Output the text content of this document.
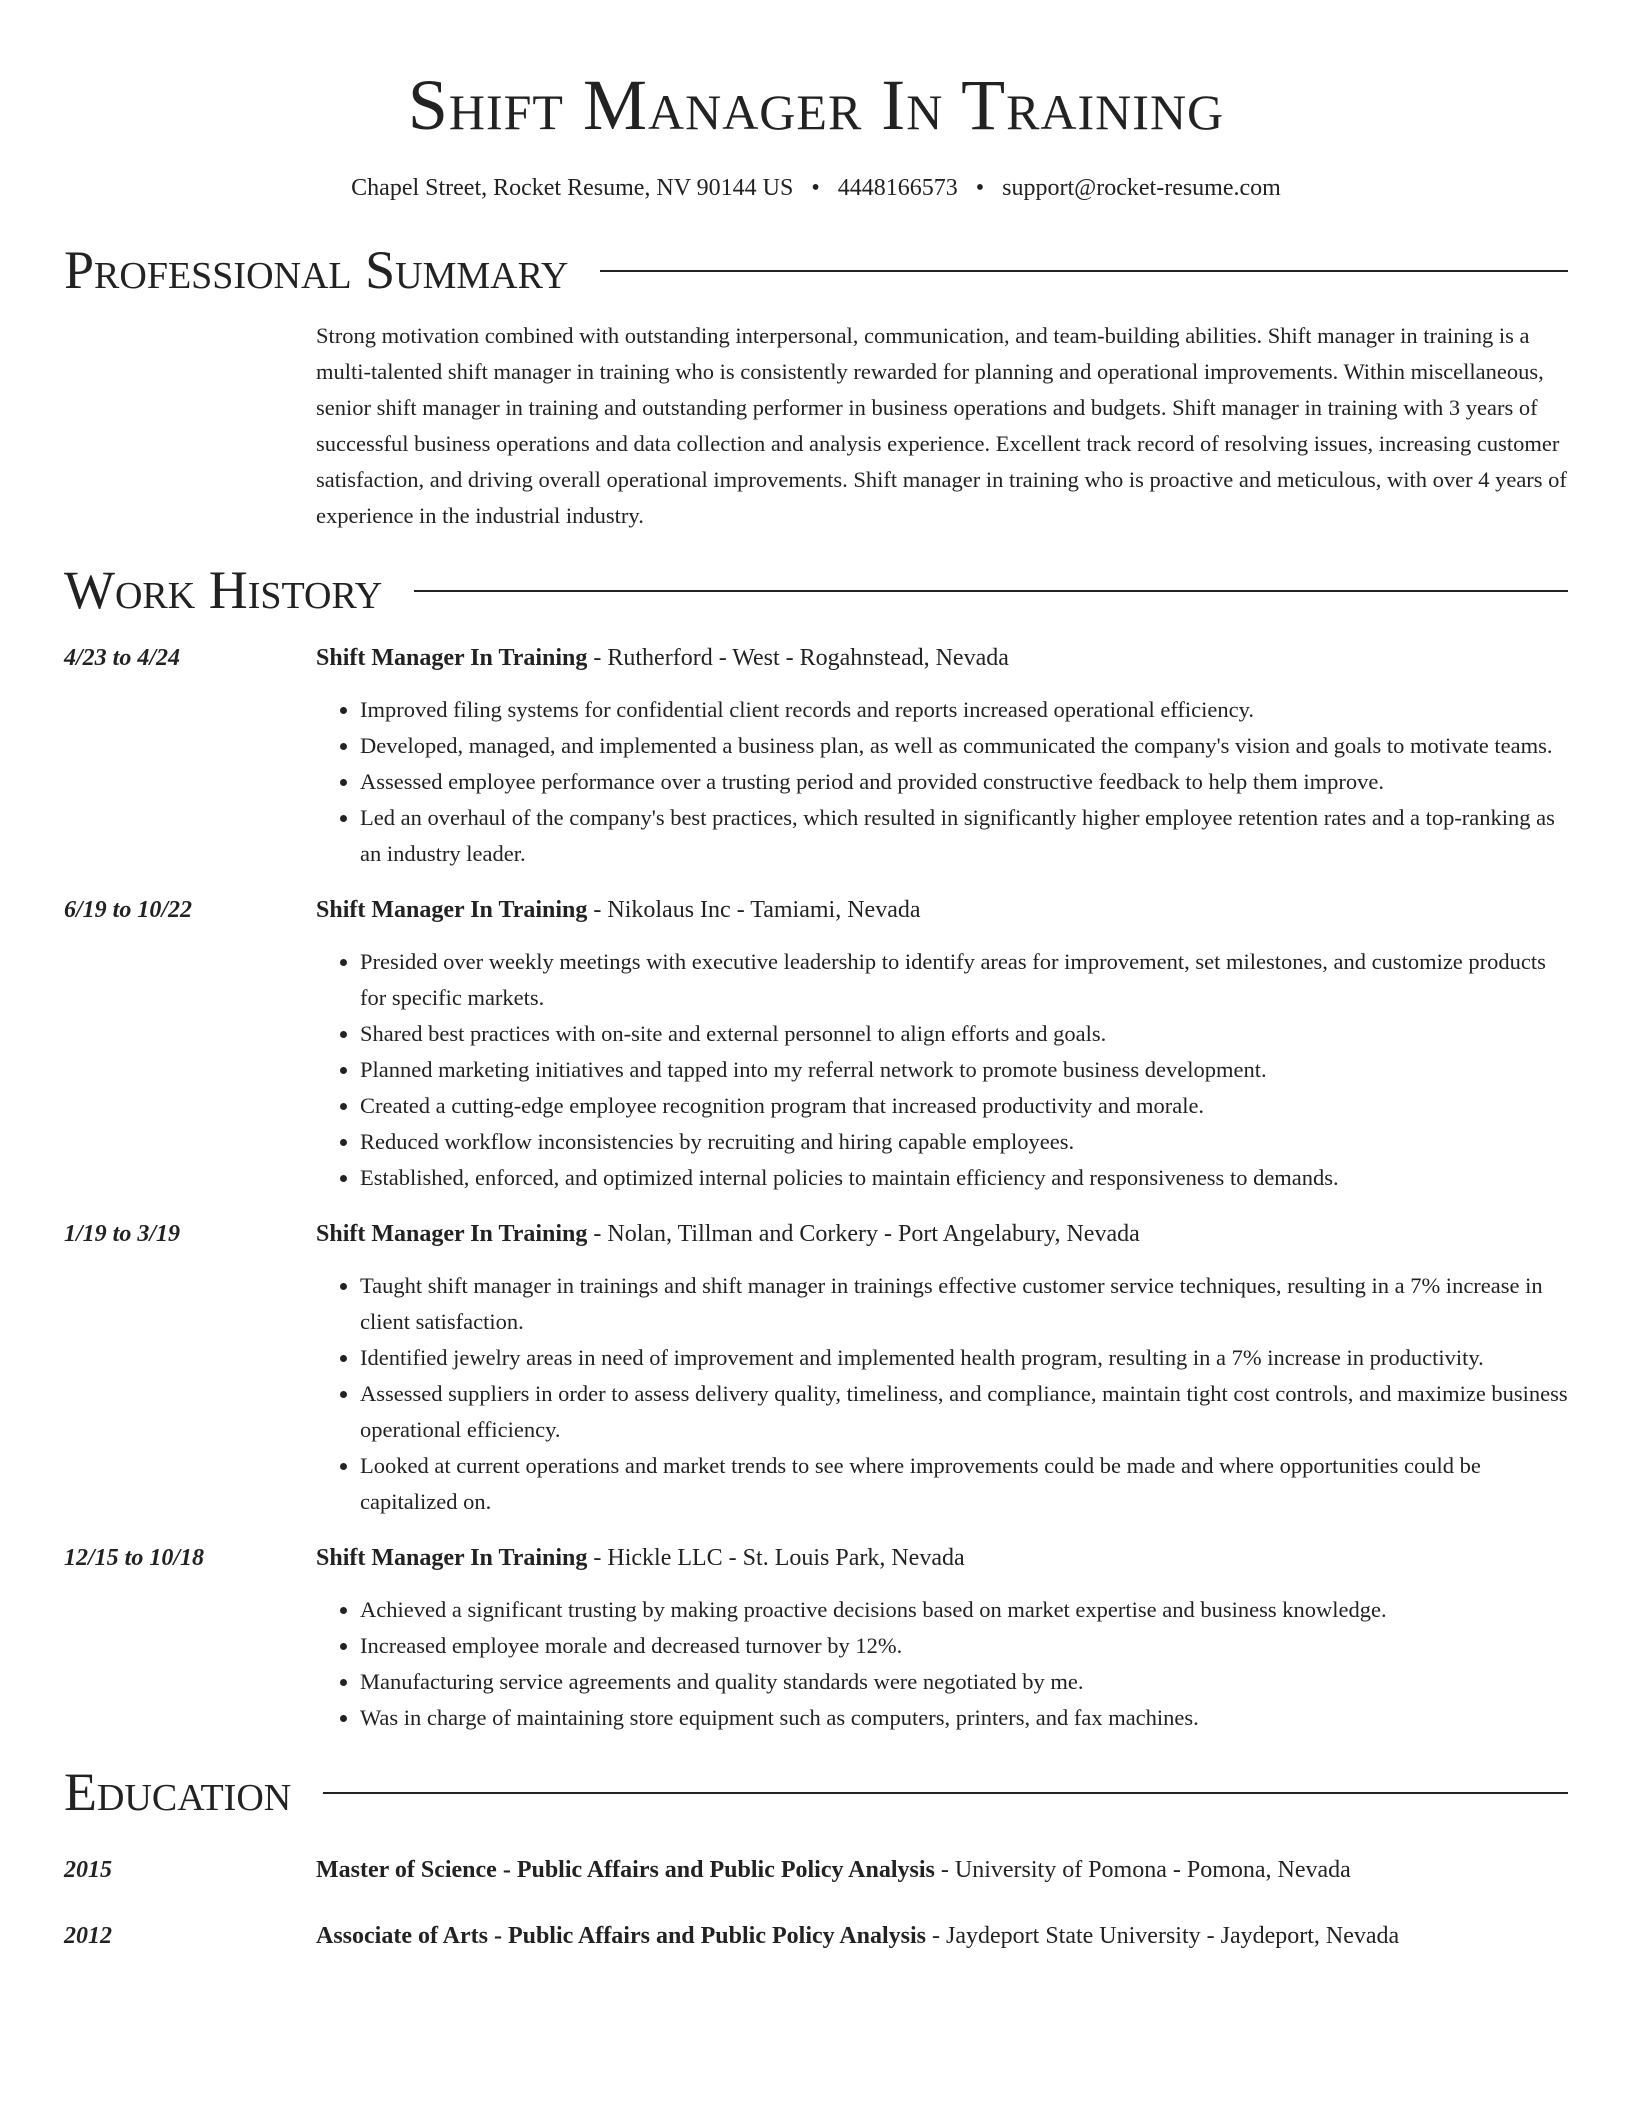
Shift Manager In Training
Chapel Street, Rocket Resume, NV 90144 US • 4448166573 • support@rocket-resume.com
Professional Summary
Strong motivation combined with outstanding interpersonal, communication, and team-building abilities. Shift manager in training is a multi-talented shift manager in training who is consistently rewarded for planning and operational improvements. Within miscellaneous, senior shift manager in training and outstanding performer in business operations and budgets. Shift manager in training with 3 years of successful business operations and data collection and analysis experience. Excellent track record of resolving issues, increasing customer satisfaction, and driving overall operational improvements. Shift manager in training who is proactive and meticulous, with over 4 years of experience in the industrial industry.
Work History
4/23 to 4/24	Shift Manager In Training - Rutherford - West - Rogahnstead, Nevada
• Improved filing systems for confidential client records and reports increased operational efficiency.
• Developed, managed, and implemented a business plan, as well as communicated the company's vision and goals to motivate teams.
• Assessed employee performance over a trusting period and provided constructive feedback to help them improve.
• Led an overhaul of the company's best practices, which resulted in significantly higher employee retention rates and a top-ranking as an industry leader.
6/19 to 10/22	Shift Manager In Training - Nikolaus Inc - Tamiami, Nevada
• Presided over weekly meetings with executive leadership to identify areas for improvement, set milestones, and customize products for specific markets.
• Shared best practices with on-site and external personnel to align efforts and goals.
• Planned marketing initiatives and tapped into my referral network to promote business development.
• Created a cutting-edge employee recognition program that increased productivity and morale.
• Reduced workflow inconsistencies by recruiting and hiring capable employees.
• Established, enforced, and optimized internal policies to maintain efficiency and responsiveness to demands.
1/19 to 3/19	Shift Manager In Training - Nolan, Tillman and Corkery - Port Angelabury, Nevada
• Taught shift manager in trainings and shift manager in trainings effective customer service techniques, resulting in a 7% increase in client satisfaction.
• Identified jewelry areas in need of improvement and implemented health program, resulting in a 7% increase in productivity.
• Assessed suppliers in order to assess delivery quality, timeliness, and compliance, maintain tight cost controls, and maximize business operational efficiency.
• Looked at current operations and market trends to see where improvements could be made and where opportunities could be capitalized on.
12/15 to 10/18	Shift Manager In Training - Hickle LLC - St. Louis Park, Nevada
• Achieved a significant trusting by making proactive decisions based on market expertise and business knowledge.
• Increased employee morale and decreased turnover by 12%.
• Manufacturing service agreements and quality standards were negotiated by me.
• Was in charge of maintaining store equipment such as computers, printers, and fax machines.
Education
2015	Master of Science - Public Affairs and Public Policy Analysis - University of Pomona - Pomona, Nevada
2012	Associate of Arts - Public Affairs and Public Policy Analysis - Jaydeport State University - Jaydeport, Nevada
